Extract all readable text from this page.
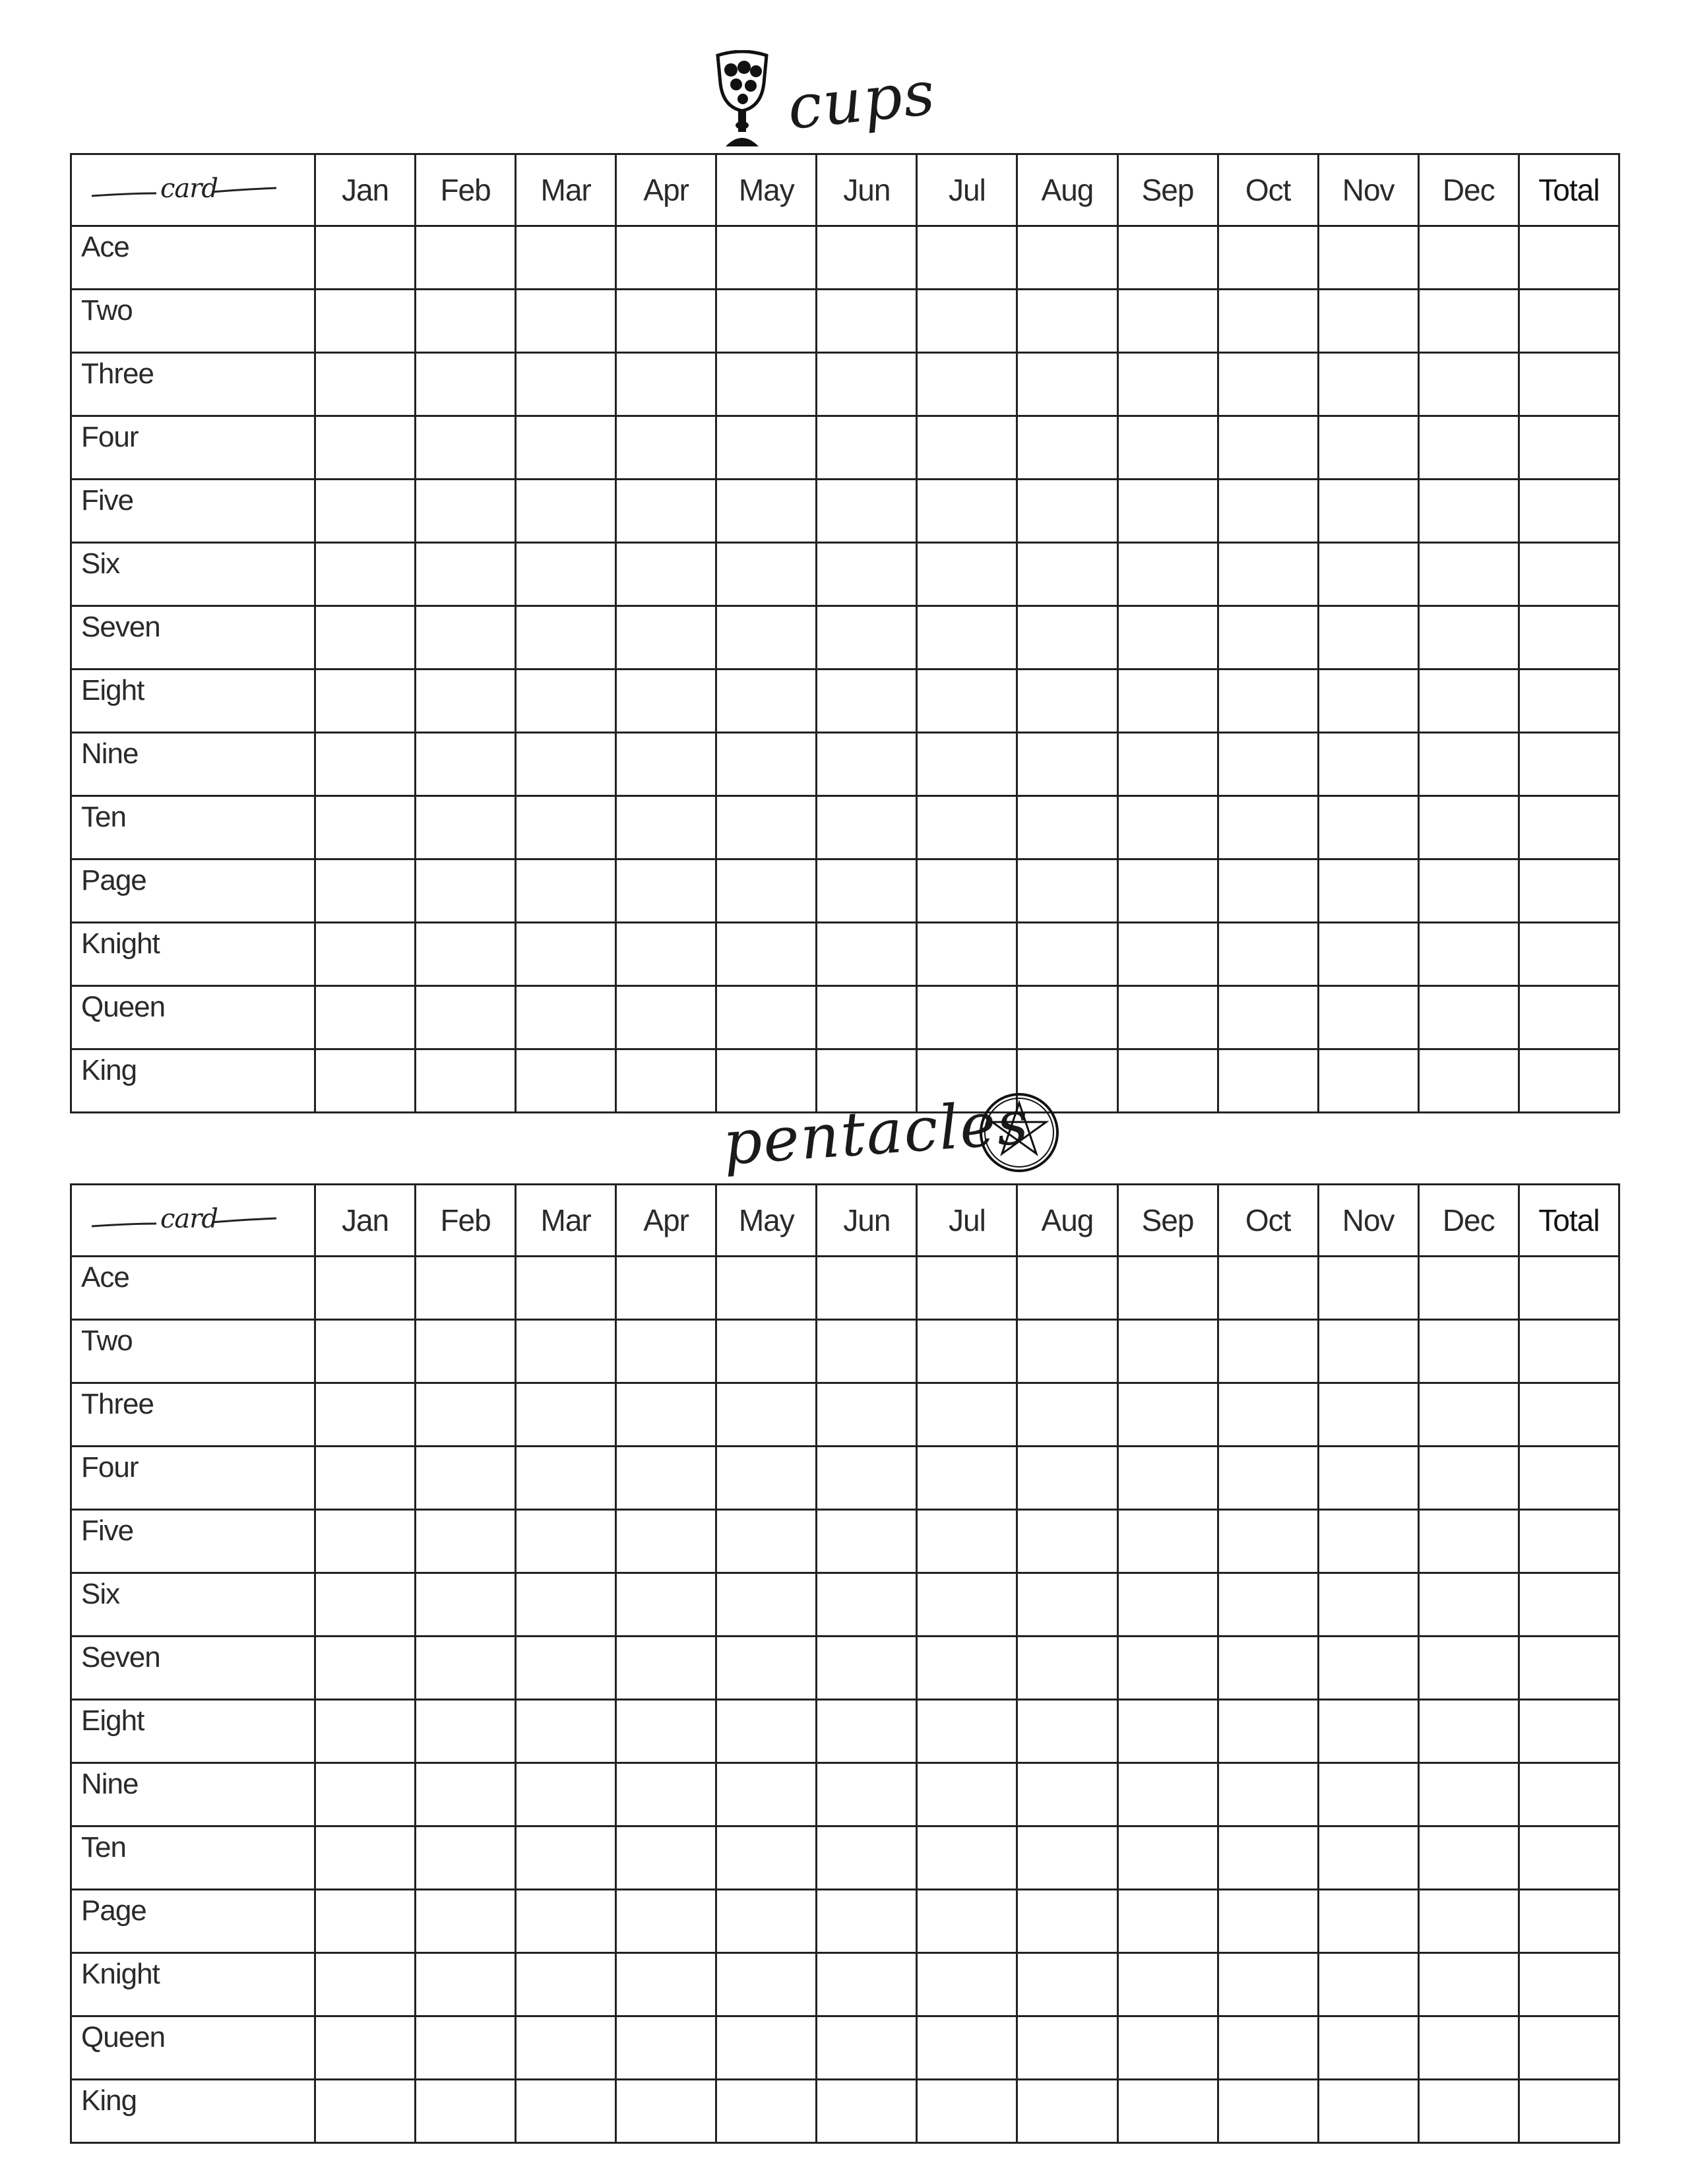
cups
card	Jan	Feb	Mar	Apr	May	Jun	Jul	Aug	Sep	Oct	Nov	Dec	Total
Ace													
Two													
Three													
Four													
Five													
Six													
Seven													
Eight													
Nine													
Ten													
Page													
Knight													
Queen													
King													
pentacles
card	Jan	Feb	Mar	Apr	May	Jun	Jul	Aug	Sep	Oct	Nov	Dec	Total
Ace													
Two													
Three													
Four													
Five													
Six													
Seven													
Eight													
Nine													
Ten													
Page													
Knight													
Queen													
King													
